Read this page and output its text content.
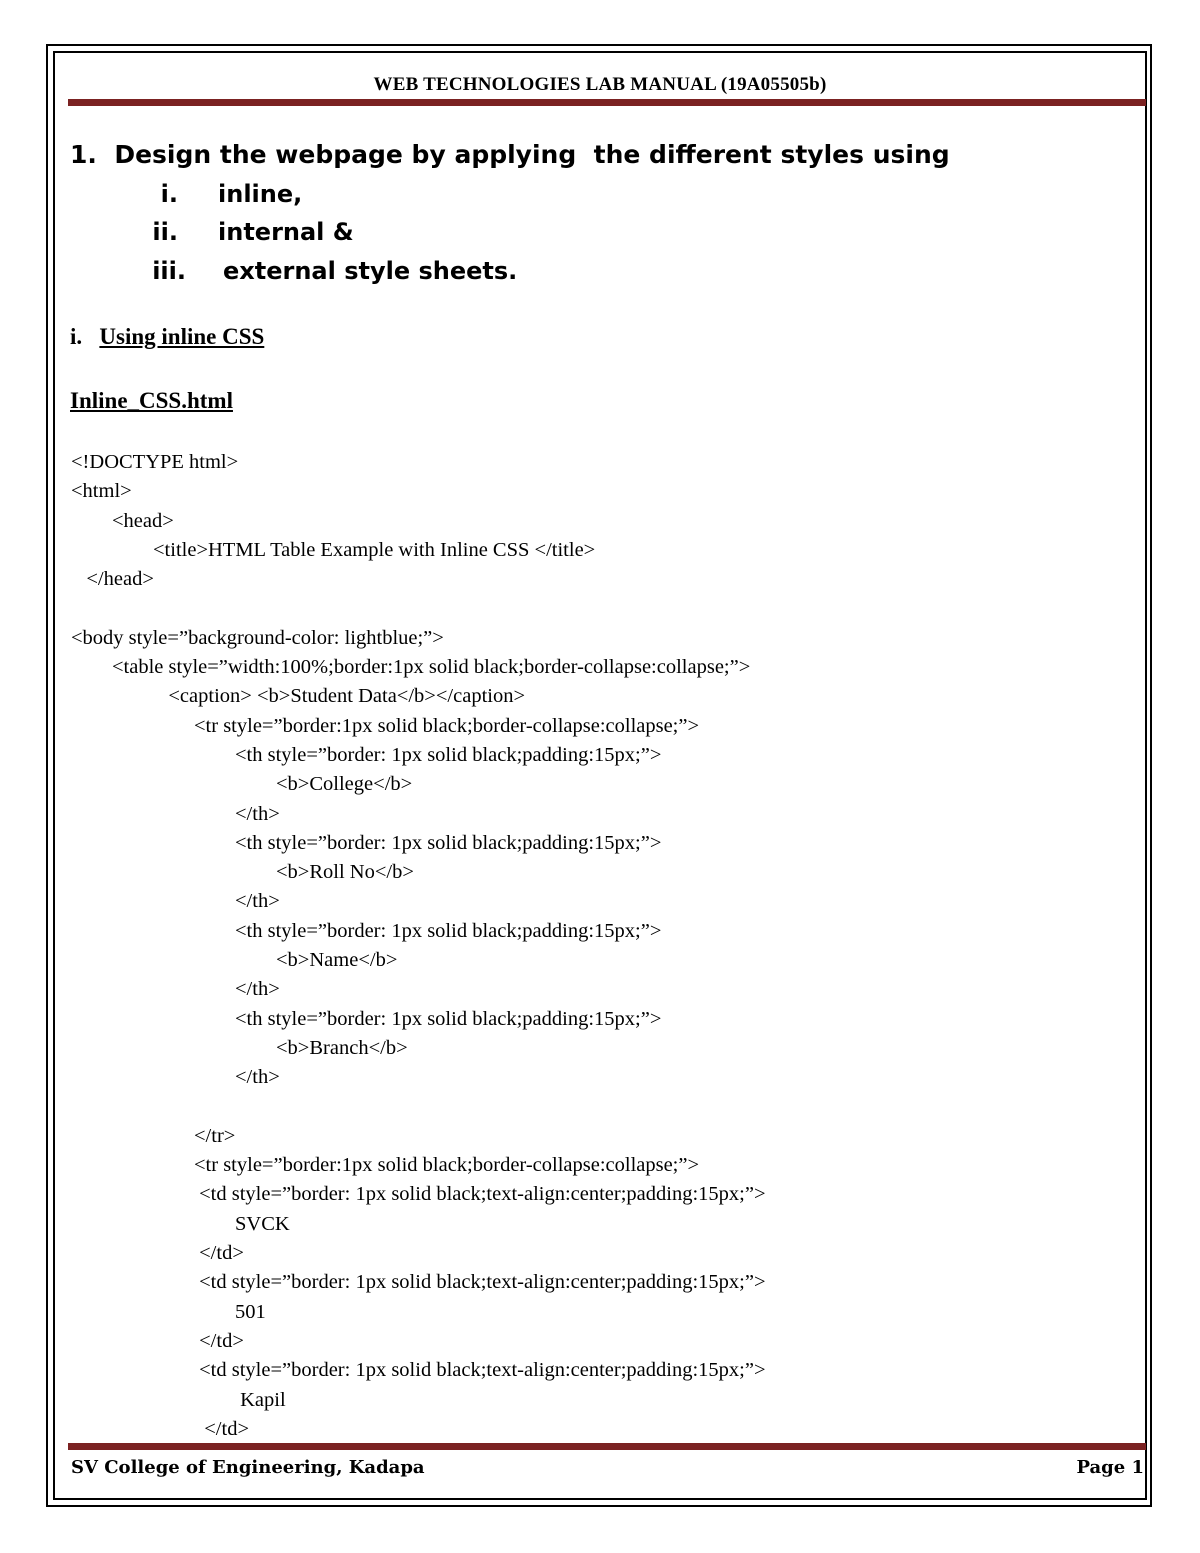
WEB TECHNOLOGIES LAB MANUAL (19A05505b)
1. Design the webpage by applying  the different styles using
i. inline,
ii. internal &
iii. external style sheets.
i. Using inline CSS
Inline_CSS.html
<!DOCTYPE html>
<html>
<head>
<title>HTML Table Example with Inline CSS </title>
</head>
<body style=”background-color: lightblue;”>
<table style=”width:100%;border:1px solid black;border-collapse:collapse;”>
<caption> <b>Student Data</b></caption>
<tr style=”border:1px solid black;border-collapse:collapse;”>
<th style=”border: 1px solid black;padding:15px;”>
<b>College</b>
</th>
<th style=”border: 1px solid black;padding:15px;”>
<b>Roll No</b>
</th>
<th style=”border: 1px solid black;padding:15px;”>
<b>Name</b>
</th>
<th style=”border: 1px solid black;padding:15px;”>
<b>Branch</b>
</th>
</tr>
<tr style=”border:1px solid black;border-collapse:collapse;”>
<td style=”border: 1px solid black;text-align:center;padding:15px;”>
SVCK
</td>
<td style=”border: 1px solid black;text-align:center;padding:15px;”>
501
</td>
<td style=”border: 1px solid black;text-align:center;padding:15px;”>
Kapil
</td>
SV College of Engineering, Kadapa	Page 1
